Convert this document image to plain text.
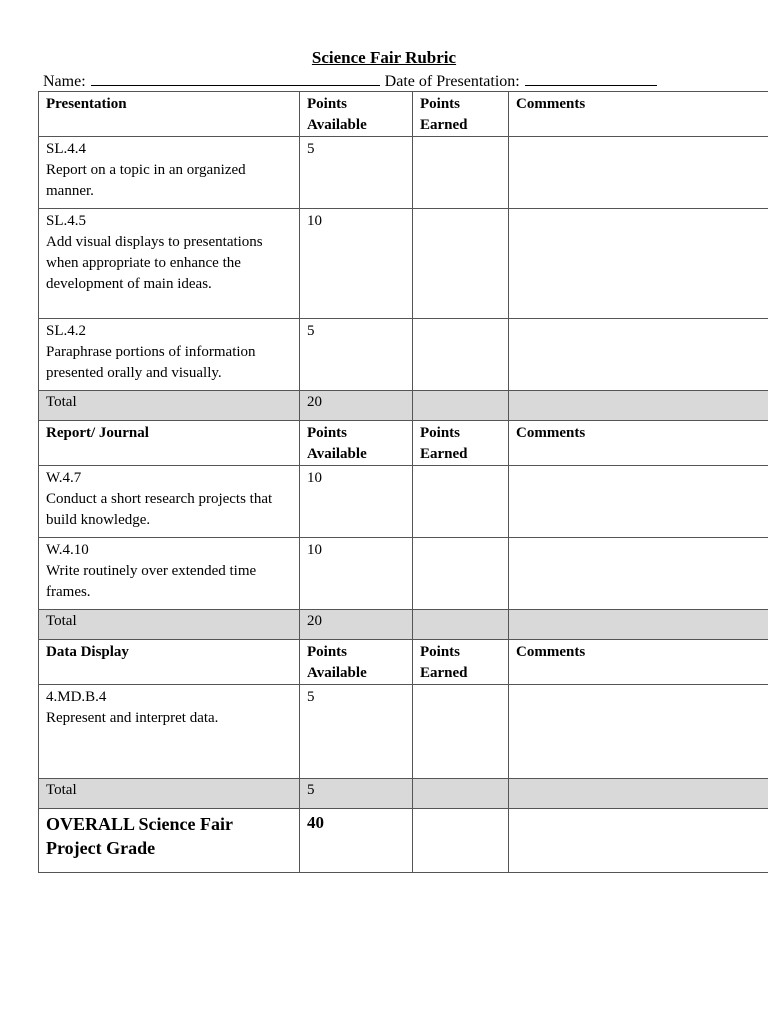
Science Fair Rubric
Name:	Date of Presentation:
Presentation	Points Available	Points Earned	Comments

SL.4.4
Report on a topic in an organized manner.	5		

SL.4.5
Add visual displays to presentations when appropriate to enhance the development of main ideas.	10		

SL.4.2
Paraphrase portions of information presented orally and visually.	5		
Total	20		
Report/ Journal	Points Available	Points Earned	Comments

W.4.7
Conduct a short research projects that build knowledge.	10		

W.4.10
Write routinely over extended time frames.	10		
Total	20		
Data Display	Points Available	Points Earned	Comments

4.MD.B.4
Represent and interpret data.	5		
Total	5		
OVERALL Science Fair Project Grade	40		
